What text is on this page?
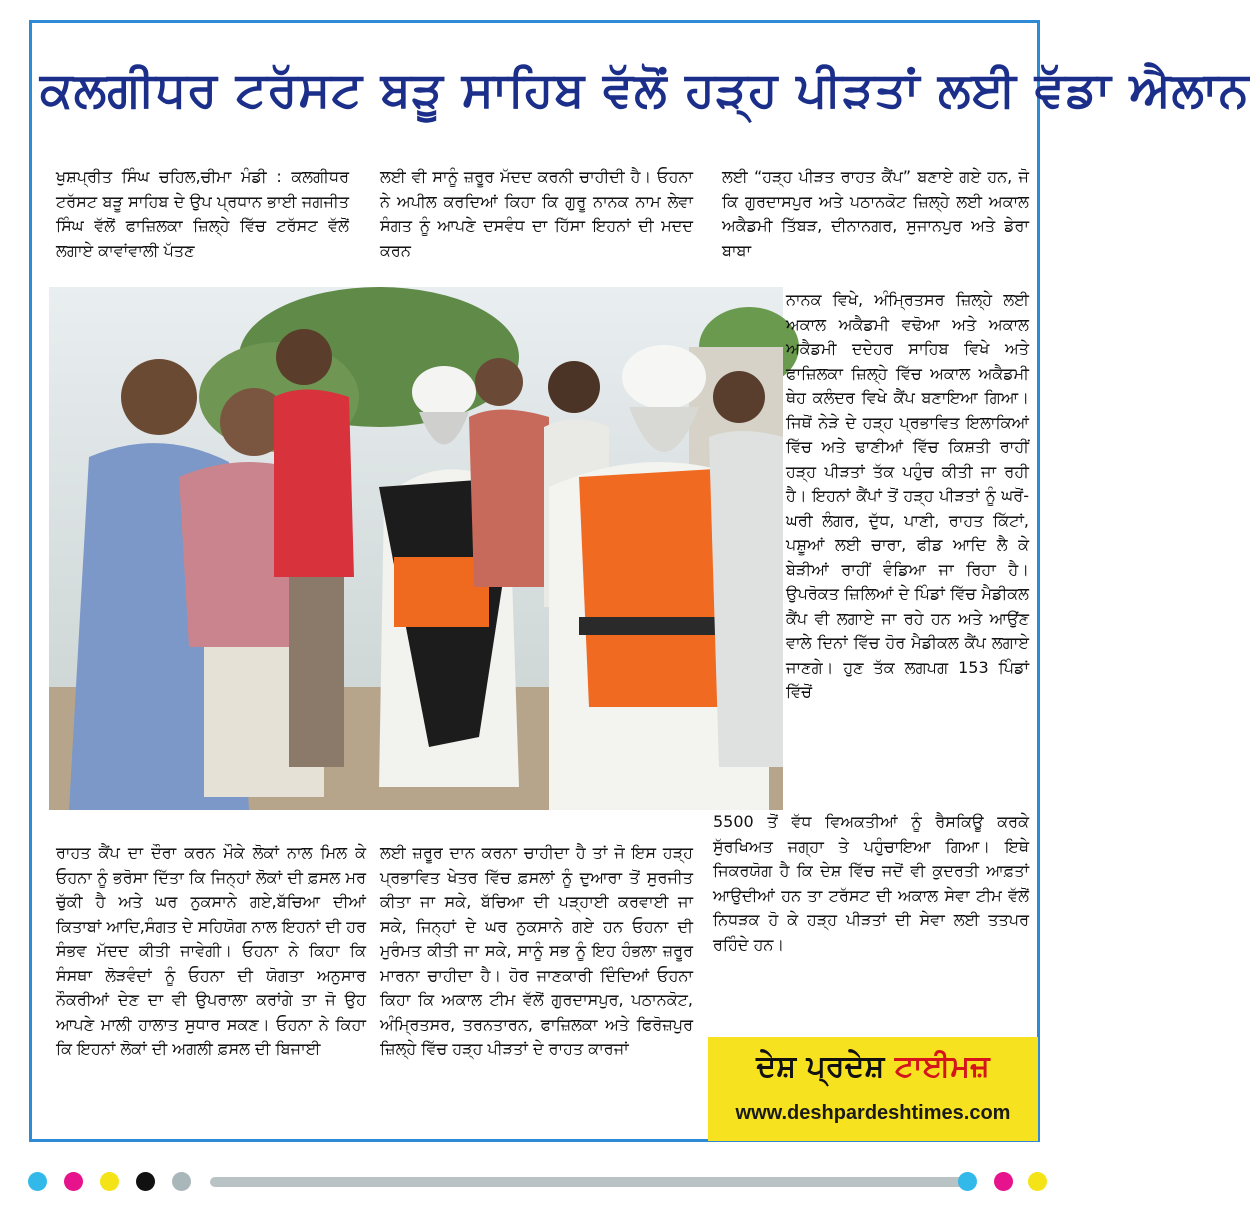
ਕਲਗੀਧਰ ਟਰੱਸਟ ਬੜੂ ਸਾਹਿਬ ਵੱਲੋਂ ਹੜ੍ਹ ਪੀੜਤਾਂ ਲਈ ਵੱਡਾ ਐਲਾਨ

ਖੁਸ਼ਪ੍ਰੀਤ ਸਿੰਘ ਚਹਿਲ,ਚੀਮਾ ਮੰਡੀ : ਕਲਗੀਧਰ ਟਰੱਸਟ ਬੜੂ ਸਾਹਿਬ ਦੇ ਉਪ ਪ੍ਰਧਾਨ ਭਾਈ ਜਗਜੀਤ ਸਿੰਘ ਵੱਲੋਂ ਫਾਜ਼ਿਲਕਾ ਜ਼ਿਲ੍ਹੇ ਵਿੱਚ ਟਰੱਸਟ ਵੱਲੋਂ ਲਗਾਏ ਕਾਵਾਂਵਾਲੀ ਪੱਤਣ

ਲਈ ਵੀ ਸਾਨੂੰ ਜ਼ਰੂਰ ਮੱਦਦ ਕਰਨੀ ਚਾਹੀਦੀ ਹੈ। ਓਹਨਾ ਨੇ ਅਪੀਲ ਕਰਦਿਆਂ ਕਿਹਾ ਕਿ ਗੁਰੂ ਨਾਨਕ ਨਾਮ ਲੇਵਾ ਸੰਗਤ ਨੂੰ ਆਪਣੇ ਦਸਵੰਧ ਦਾ ਹਿੱਸਾ ਇਹਨਾਂ ਦੀ ਮਦਦ ਕਰਨ

ਲਈ “ਹੜ੍ਹ ਪੀੜਤ ਰਾਹਤ ਕੈਂਪ” ਬਣਾਏ ਗਏ ਹਨ, ਜੋ ਕਿ ਗੁਰਦਾਸਪੁਰ ਅਤੇ ਪਠਾਨਕੋਟ ਜ਼ਿਲ੍ਹੇ ਲਈ ਅਕਾਲ ਅਕੈਡਮੀ ਤਿੱਬੜ, ਦੀਨਾਨਗਰ, ਸੁਜਾਨਪੁਰ ਅਤੇ ਡੇਰਾ ਬਾਬਾ

ਨਾਨਕ ਵਿਖੇ, ਅੰਮ੍ਰਿਤਸਰ ਜ਼ਿਲ੍ਹੇ ਲਈ ਅਕਾਲ ਅਕੈਡਮੀ ਵਢੋਆ ਅਤੇ ਅਕਾਲ ਅਕੈਡਮੀ ਦਦੇਹਰ ਸਾਹਿਬ ਵਿਖੇ ਅਤੇ ਫਾਜ਼ਿਲਕਾ ਜ਼ਿਲ੍ਹੇ ਵਿੱਚ ਅਕਾਲ ਅਕੈਡਮੀ ਥੇਹ ਕਲੰਦਰ ਵਿਖੇ ਕੈਂਪ ਬਣਾਇਆ ਗਿਆ। ਜਿਥੋਂ ਨੇੜੇ ਦੇ ਹੜ੍ਹ ਪ੍ਰਭਾਵਿਤ ਇਲਾਕਿਆਂ ਵਿੱਚ ਅਤੇ ਢਾਣੀਆਂ ਵਿੱਚ ਕਿਸ਼ਤੀ ਰਾਹੀਂ ਹੜ੍ਹ ਪੀੜਤਾਂ ਤੱਕ ਪਹੁੰਚ ਕੀਤੀ ਜਾ ਰਹੀ ਹੈ। ਇਹਨਾਂ ਕੈਂਪਾਂ ਤੋਂ ਹੜ੍ਹ ਪੀੜਤਾਂ ਨੂੰ ਘਰੋਂ-ਘਰੀ ਲੰਗਰ, ਦੁੱਧ, ਪਾਣੀ, ਰਾਹਤ ਕਿੱਟਾਂ, ਪਸ਼ੂਆਂ ਲਈ ਚਾਰਾ, ਫੀਡ ਆਦਿ ਲੈ ਕੇ ਬੇੜੀਆਂ ਰਾਹੀਂ ਵੰਡਿਆ ਜਾ ਰਿਹਾ ਹੈ। ਉਪਰੋਕਤ ਜ਼ਿਲਿਆਂ ਦੇ ਪਿੰਡਾਂ ਵਿੱਚ ਮੈਡੀਕਲ ਕੈਂਪ ਵੀ ਲਗਾਏ ਜਾ ਰਹੇ ਹਨ ਅਤੇ ਆਉਂਣ ਵਾਲੇ ਦਿਨਾਂ ਵਿੱਚ ਹੋਰ ਮੈਡੀਕਲ ਕੈਂਪ ਲਗਾਏ ਜਾਣਗੇ। ਹੁਣ ਤੱਕ ਲਗਪਗ 153 ਪਿੰਡਾਂ ਵਿੱਚੋਂ

5500 ਤੋਂ ਵੱਧ ਵਿਅਕਤੀਆਂ ਨੂੰ ਰੈਸਕਿਊ ਕਰਕੇ ਸੁੱਰਖਿਅਤ ਜਗ੍ਹਾ ਤੇ ਪਹੁੰਚਾਇਆ ਗਿਆ। ਇਥੇ ਜਿਕਰਯੋਗ ਹੈ ਕਿ ਦੇਸ਼ ਵਿੱਚ ਜਦੋਂ ਵੀ ਕੁਦਰਤੀ ਆਫ਼ਤਾਂ ਆਉਦੀਆਂ ਹਨ ਤਾ ਟਰੱਸਟ ਦੀ ਅਕਾਲ ਸੇਵਾ ਟੀਮ ਵੱਲੋਂ ਨਿਧੜਕ ਹੋ ਕੇ ਹੜ੍ਹ ਪੀੜਤਾਂ ਦੀ ਸੇਵਾ ਲਈ ਤਤਪਰ ਰਹਿੰਦੇ ਹਨ।

ਰਾਹਤ ਕੈਂਪ ਦਾ ਦੌਰਾ ਕਰਨ ਮੌਕੇ ਲੋਕਾਂ ਨਾਲ ਮਿਲ ਕੇ ਓਹਨਾ ਨੂੰ ਭਰੋਸਾ ਦਿੱਤਾ ਕਿ ਜਿਨ੍ਹਾਂ ਲੋਕਾਂ ਦੀ ਫ਼ਸਲ ਮਰ ਚੁੱਕੀ ਹੈ ਅਤੇ ਘਰ ਨੁਕਸਾਨੇ ਗਏ,ਬੱਚਿਆ ਦੀਆਂ ਕਿਤਾਬਾਂ ਆਦਿ,ਸੰਗਤ ਦੇ ਸਹਿਯੋਗ ਨਾਲ ਇਹਨਾਂ ਦੀ ਹਰ ਸੰਭਵ ਮੱਦਦ ਕੀਤੀ ਜਾਵੇਗੀ। ਓਹਨਾ ਨੇ ਕਿਹਾ ਕਿ ਸੰਸਥਾ ਲੋੜਵੰਦਾਂ ਨੂੰ ਓਹਨਾ ਦੀ ਯੋਗਤਾ ਅਨੁਸਾਰ ਨੌਕਰੀਆਂ ਦੇਣ ਦਾ ਵੀ ਉਪਰਾਲਾ ਕਰਾਂਗੇ ਤਾ ਜੋ ਉਹ ਆਪਣੇ ਮਾਲੀ ਹਾਲਾਤ ਸੁਧਾਰ ਸਕਣ। ਓਹਨਾ ਨੇ ਕਿਹਾ ਕਿ ਇਹਨਾਂ ਲੋਕਾਂ ਦੀ ਅਗਲੀ ਫ਼ਸਲ ਦੀ ਬਿਜਾਈ

ਲਈ ਜ਼ਰੂਰ ਦਾਨ ਕਰਨਾ ਚਾਹੀਦਾ ਹੈ ਤਾਂ ਜੋ ਇਸ ਹੜ੍ਹ ਪ੍ਰਭਾਵਿਤ ਖੇਤਰ ਵਿੱਚ ਫ਼ਸਲਾਂ ਨੂੰ ਦੁਆਰਾ ਤੋਂ ਸੁਰਜੀਤ ਕੀਤਾ ਜਾ ਸਕੇ, ਬੱਚਿਆ ਦੀ ਪੜ੍ਹਾਈ ਕਰਵਾਈ ਜਾ ਸਕੇ, ਜਿਨ੍ਹਾਂ ਦੇ ਘਰ ਨੁਕਸਾਨੇ ਗਏ ਹਨ ਓਹਨਾ ਦੀ ਮੁਰੰਮਤ ਕੀਤੀ ਜਾ ਸਕੇ, ਸਾਨੂੰ ਸਭ ਨੂੰ ਇਹ ਹੰਭਲਾ ਜ਼ਰੂਰ ਮਾਰਨਾ ਚਾਹੀਦਾ ਹੈ। ਹੋਰ ਜਾਣਕਾਰੀ ਦਿੰਦਿਆਂ ਓਹਨਾ ਕਿਹਾ ਕਿ ਅਕਾਲ ਟੀਮ ਵੱਲੋਂ ਗੁਰਦਾਸਪੁਰ, ਪਠਾਨਕੋਟ, ਅੰਮ੍ਰਿਤਸਰ, ਤਰਨਤਾਰਨ, ਫਾਜ਼ਿਲਕਾ ਅਤੇ ਫਿਰੋਜ਼ਪੁਰ ਜ਼ਿਲ੍ਹੇ ਵਿੱਚ ਹੜ੍ਹ ਪੀੜਤਾਂ ਦੇ ਰਾਹਤ ਕਾਰਜਾਂ

ਦੇਸ਼ ਪ੍ਰਦੇਸ਼ ਟਾਈਮਜ਼
www.deshpardeshtimes.com
